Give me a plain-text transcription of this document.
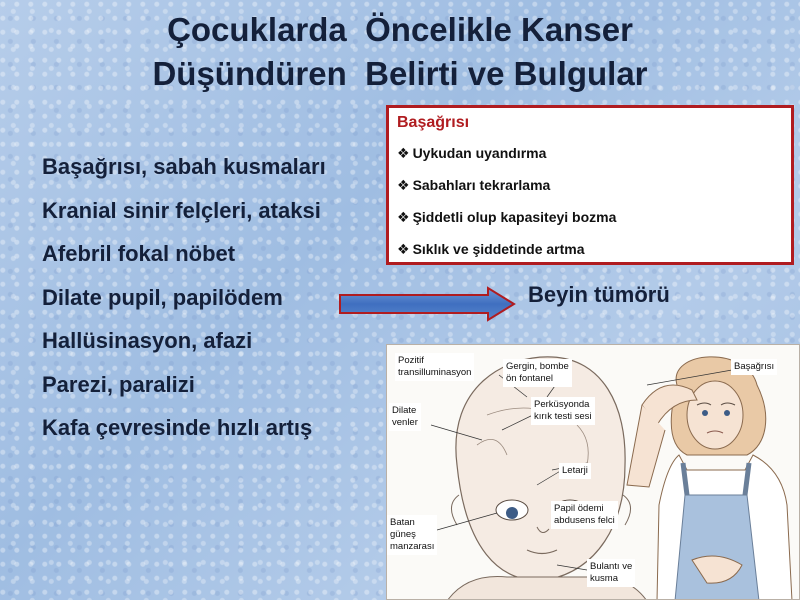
Çocuklarda  Öncelikle Kanser
Düşündüren  Belirti ve Bulgular
Başağrısı, sabah kusmaları
Kranial sinir felçleri, ataksi
Afebril fokal nöbet
Dilate pupil, papilödem
Hallüsinasyon, afazi
Parezi, paralizi
Kafa çevresinde hızlı artış
Başağrısı
❖ Uykudan uyandırma
❖ Sabahları tekrarlama
❖ Şiddetli olup kapasiteyi bozma
❖ Sıklık ve şiddetinde artma
Beyin tümörü
Pozitif
transilluminasyon
Gergin, bombe
ön fontanel
Başağrısı
Dilate
venler
Perküsyonda
kırık testi sesi
Letarji
Batan
güneş
manzarası
Papil ödemi
abdusens felci
Bulantı ve
kusma
